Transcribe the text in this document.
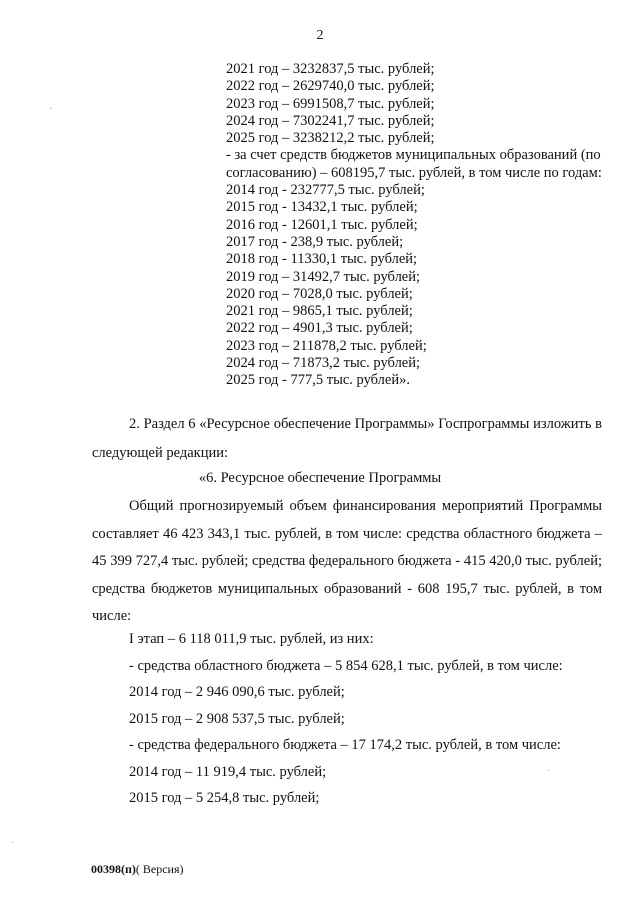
2
2021 год – 3232837,5 тыс. рублей;
2022 год – 2629740,0 тыс. рублей;
2023 год – 6991508,7 тыс. рублей;
2024 год – 7302241,7 тыс. рублей;
2025 год – 3238212,2 тыс. рублей;
- за счет средств бюджетов муниципальных образований (по согласованию) – 608195,7 тыс. рублей, в том числе по годам:
2014 год - 232777,5 тыс. рублей;
2015 год - 13432,1 тыс. рублей;
2016 год - 12601,1 тыс. рублей;
2017 год - 238,9 тыс. рублей;
2018 год - 11330,1 тыс. рублей;
2019 год – 31492,7 тыс. рублей;
2020 год – 7028,0 тыс. рублей;
2021 год – 9865,1 тыс. рублей;
2022 год – 4901,3 тыс. рублей;
2023 год – 211878,2 тыс. рублей;
2024 год – 71873,2 тыс. рублей;
2025 год - 777,5 тыс. рублей».
2. Раздел 6 «Ресурсное обеспечение Программы» Госпрограммы изложить в следующей редакции:
«6. Ресурсное обеспечение Программы
Общий прогнозируемый объем финансирования мероприятий Программы составляет 46 423 343,1 тыс. рублей, в том числе: средства областного бюджета – 45 399 727,4 тыс. рублей; средства федерального бюджета - 415 420,0 тыс. рублей; средства бюджетов муниципальных образований - 608 195,7 тыс. рублей, в том числе:
I этап – 6 118 011,9 тыс. рублей, из них:
- средства областного бюджета – 5 854 628,1 тыс. рублей, в том числе:
2014 год – 2 946 090,6 тыс. рублей;
2015 год – 2 908 537,5 тыс. рублей;
- средства федерального бюджета – 17 174,2 тыс. рублей, в том числе:
2014 год – 11 919,4 тыс. рублей;
2015 год – 5 254,8 тыс. рублей;
00398(п)( Версия)
